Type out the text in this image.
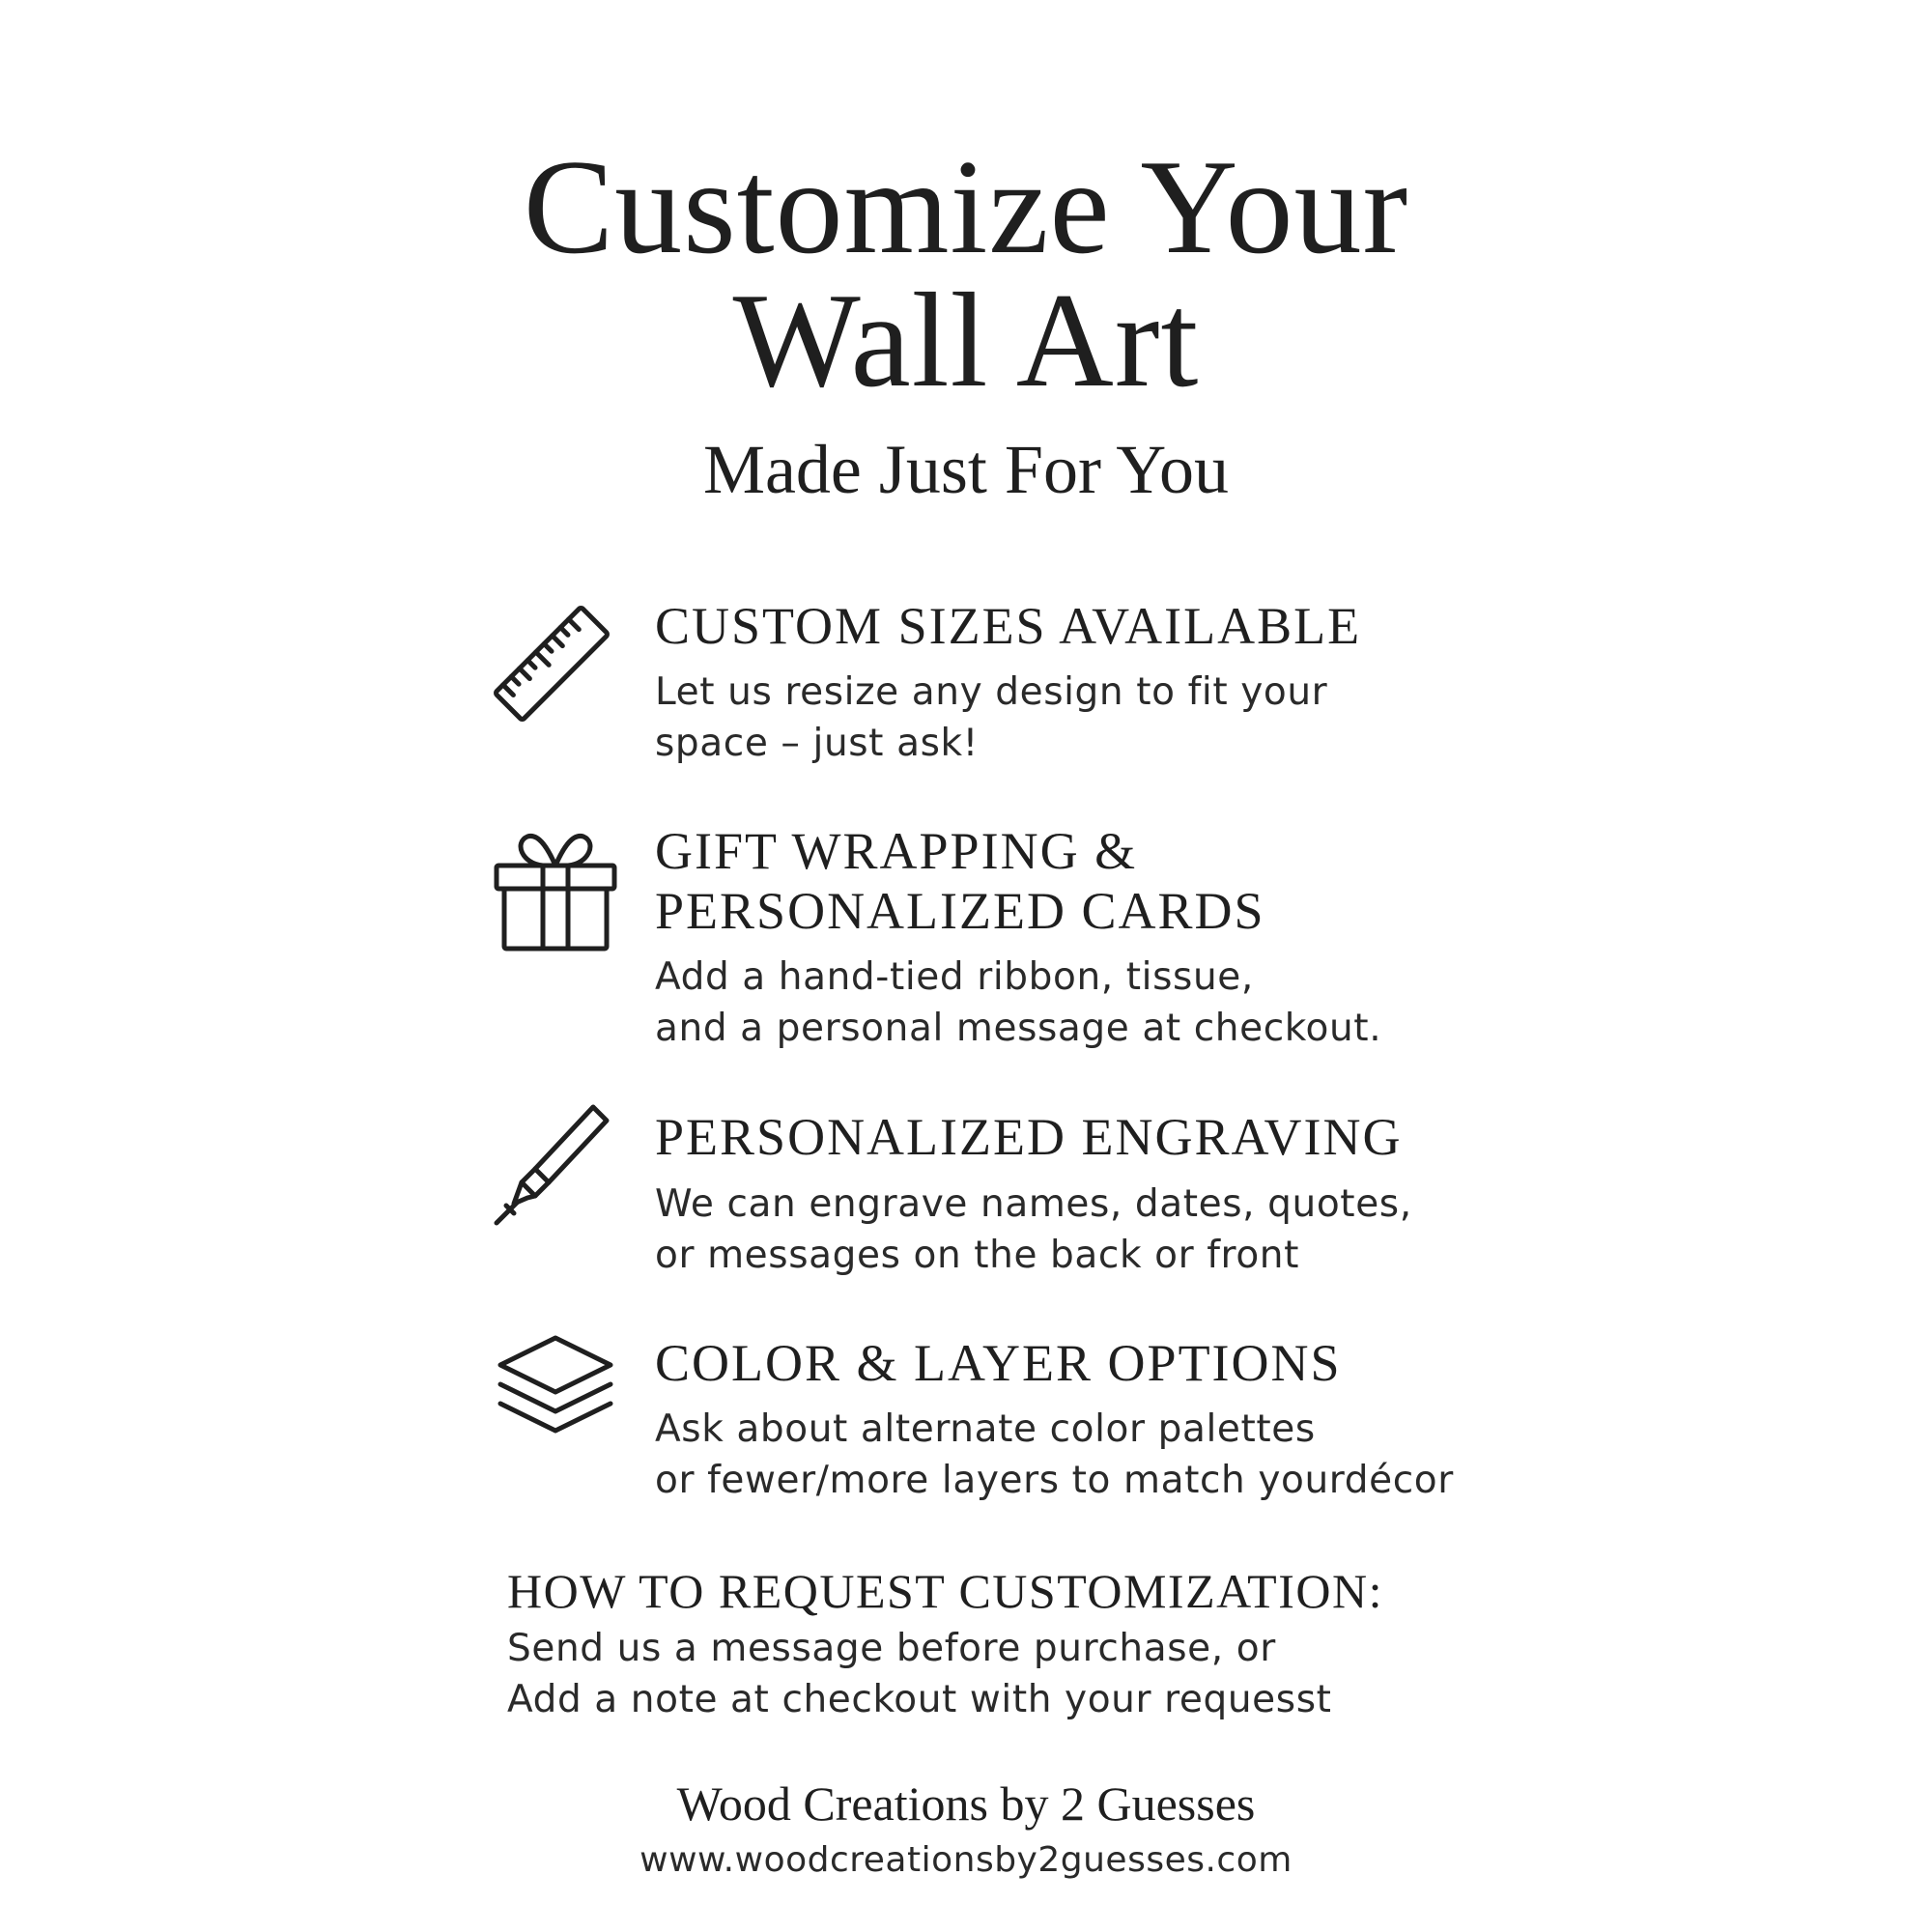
Customize Your
Wall Art
Made Just For You
CUSTOM SIZES AVAILABLE

Let us resize any design to fit your
space – just ask!

GIFT WRAPPING &
PERSONALIZED CARDS

Add a hand-tied ribbon, tissue,
and a personal message at checkout.

PERSONALIZED ENGRAVING

We can engrave names, dates, quotes,
or messages on the back or front

COLOR & LAYER OPTIONS

Ask about alternate color palettes
or fewer/more layers to match yourdécor

HOW TO REQUEST CUSTOMIZATION:

Send us a message before purchase, or
Add a note at checkout with your requesst

Wood Creations by 2 Guesses

www.woodcreationsby2guesses.com
